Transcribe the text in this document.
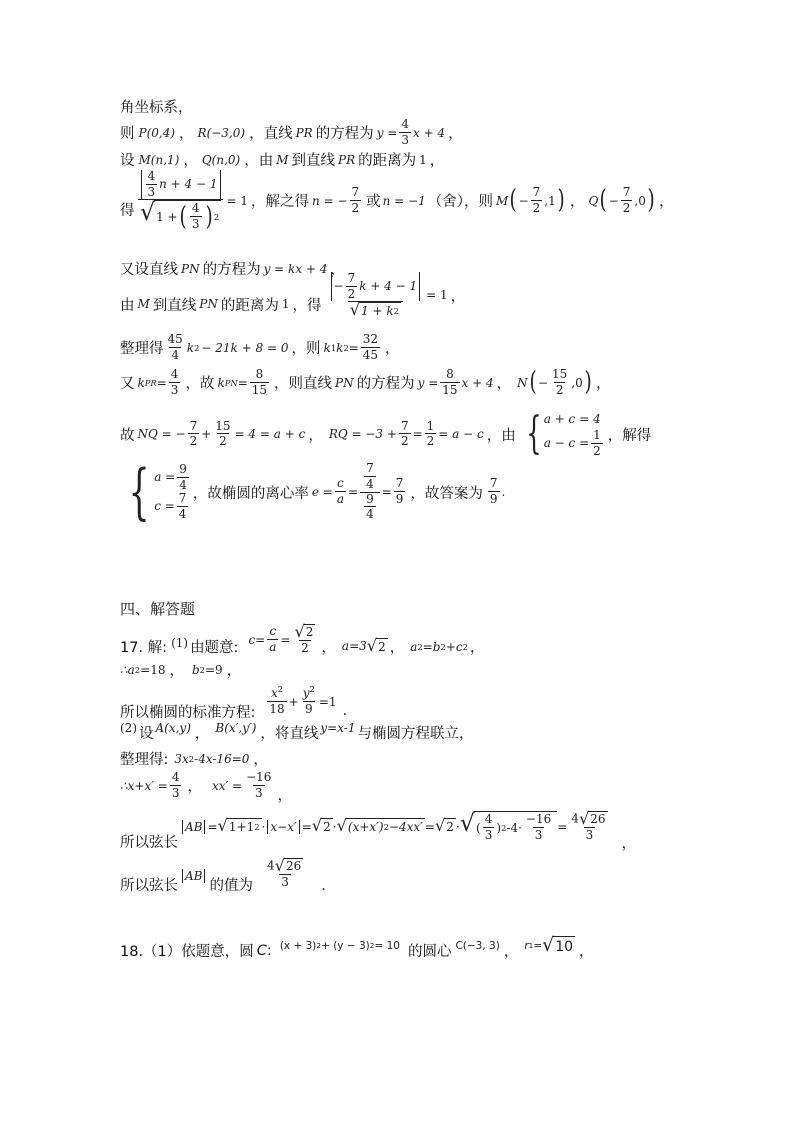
角坐标系，
则 P(0,4) ， R(−3,0) ，直线 PR 的方程为 $y = \frac{4}{3}$ x + 4 ，
设 M(n,1) ， Q(n,0) ，由 M 到直线 PR 的距离为 1 ，
得 $\frac{\frac{4}{3} n + 4 - 1}{√ 1 + ( \frac{4}{3} ) 2} = 1$ ，解之得 n = − $\frac{7}{2}$ 或 n = −1 （舍），则 M ( − $\frac{7}{2} ,1$ ) ， Q ( − $\frac{7}{2} ,0$ ) ，
又设直线 PN 的方程为 y = kx + 4 ，
由 M 到直线 PN 的距离为 1 ，得 $\frac{- \frac{7}{2} k + 4 - 1}{√ 1 + k 2} = 1$ ，
整理得 $\frac{45}{4}$ k 2 − 21k + 8 = 0 ，则 k 1 k $2 = \frac{32}{45}$ ，
又 k PR = $\frac{4}{3}$ ，故 k PN = $\frac{8}{15}$ ，则直线 PN 的方程为 $y = \frac{8}{15}$ x + 4 ， N ( − $\frac{15}{2} ,0$ ) ，
故 NQ = − $\frac{7}{2} + \frac{15}{2} = 4 = a + c$ ， RQ = $-3 + \frac{7}{2} = \frac{1}{2} = a - c$ ，由 { a + c = 4
$a - c = \frac{1}{2}$ ，解得
{ $a = \frac{9}{4}$
$c = \frac{7}{4}$ ，故椭圆的离心率 $e = \frac{c}{a} = \frac{\frac{7}{4}}{\frac{9}{4}} = \frac{7}{9}$ ，故答案为 $\frac{7}{9}$ .
四、解答题
17. 解: (1) 由题意:
$c= \frac{c}{a} = \frac{√ 2}{2}$ ， a=3 √ 2 ， a 2 =b 2 +c 2 ，
∴a 2 =18 ， b 2 =9 ，
所以椭圆的标准方程: $\frac{x^2}{18} + \frac{y^2}{9} =1$
．
(2) 设 A(x,y) ， B(x′,y′) ，将直线 y=x-1 与椭圆方程联立，
整理得: 3x 2 -4x-16=0 ，
∴x+x′ = $\frac{4}{3}$ ， $xx' = \frac{-16}{3}$ ，
所以弦长
AB = √ 1+1 2 · x−x′ = √ 2 · √ (x+x′) 2 −4xx′ = √ 2 · √ ( $\frac{4}{3}$ ) 2 $-4\cdot \frac{-16}{3} = \frac{4 √ 26}{3}$
，
所以弦长
AB
的值为 $\frac{4 √ 26}{3}$ ．
18.（1）依题意，圆 C : (x + 3) 2 + (y − 3) 2 = 10 的圆心 C(−3, 3) ， r 1 = √ 10 ，
